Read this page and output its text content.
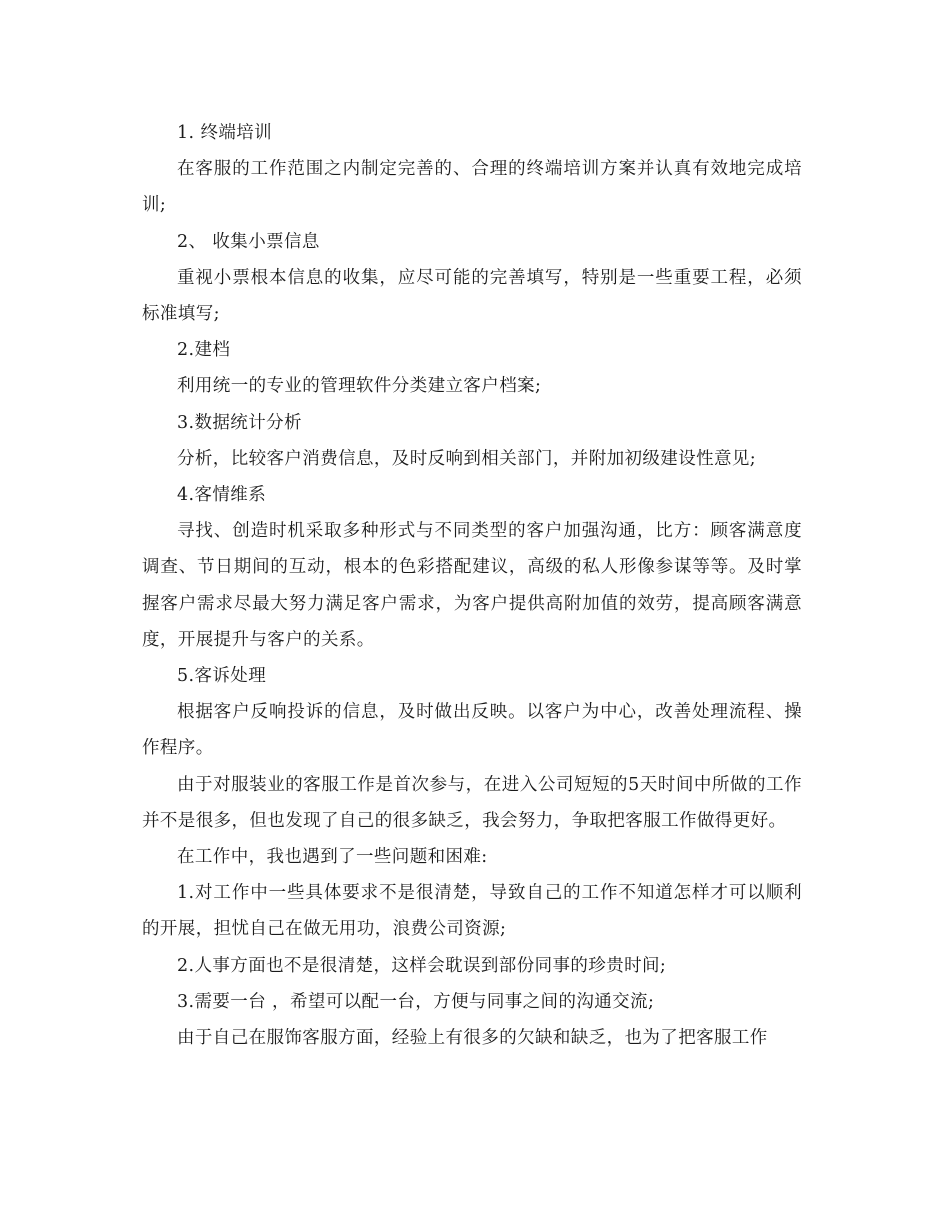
1. 终端培训

在客服的工作范围之内制定完善的、合理的终端培训方案并认真有效地完成培训;

2、 收集小票信息

重视小票根本信息的收集，应尽可能的完善填写，特别是一些重要工程，必须标准填写;

2.建档

利用统一的专业的管理软件分类建立客户档案;

3.数据统计分析

分析，比较客户消费信息，及时反响到相关部门，并附加初级建设性意见;

4.客情维系

寻找、创造时机采取多种形式与不同类型的客户加强沟通，比方：顾客满意度调查、节日期间的互动，根本的色彩搭配建议，高级的私人形像参谋等等。及时掌握客户需求尽最大努力满足客户需求，为客户提供高附加值的效劳，提高顾客满意度，开展提升与客户的关系。

5.客诉处理

根据客户反响投诉的信息，及时做出反映。以客户为中心，改善处理流程、操作程序。

由于对服装业的客服工作是首次参与，在进入公司短短的5天时间中所做的工作并不是很多，但也发现了自己的很多缺乏，我会努力，争取把客服工作做得更好。

在工作中，我也遇到了一些问题和困难:

1.对工作中一些具体要求不是很清楚，导致自己的工作不知道怎样才可以顺利的开展，担忧自己在做无用功，浪费公司资源;

2.人事方面也不是很清楚，这样会耽误到部份同事的珍贵时间;

3.需要一台 ，希望可以配一台，方便与同事之间的沟通交流;

由于自己在服饰客服方面，经验上有很多的欠缺和缺乏，也为了把客服工作
